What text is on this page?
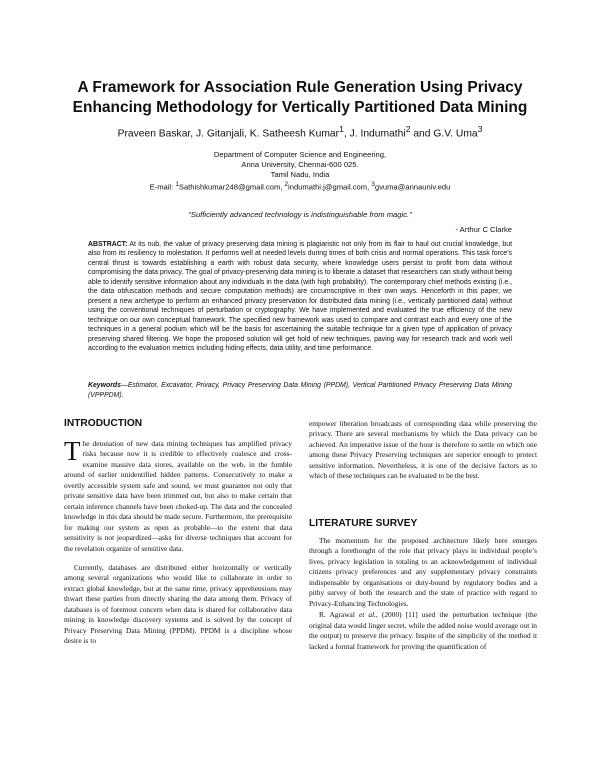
A Framework for Association Rule Generation Using Privacy
Enhancing Methodology for Vertically Partitioned Data Mining
Praveen Baskar, J. Gitanjali, K. Satheesh Kumar$^1$, J. Indumathi$^2$ and G.V. Uma$^3$
Department of Computer Science and Engineering,
Anna University, Chennai-600 025.
Tamil Nadu, India
E-mail: $^1$Sathishkumar248@gmail.com, $^2$indumathi.j@gmail.com, $^3$gvuma@annauniv.edu
“Sufficiently advanced technology is indistinguishable from magic.”
- Arthur C Clarke

ABSTRACT: At its nub, the value of privacy preserving data mining is plagiaristic not only from its flair to haul out crucial knowledge, but also from its resiliency to molestation. It performs well at needed levels during times of both crisis and normal operations. This task force’s central thrust is towards establishing a earth with robust data security, where knowledge users persist to profit from data without compromising the data privacy. The goal of privacy-preserving data mining is to liberate a dataset that researchers can study without being able to identify sensitive information about any individuals in the data (with high probability). The contemporary chief methods existing (i.e., the data obfuscation methods and secure computation methods) are circumscriptive in their own ways. Henceforth in this paper, we present a new archetype to perform an enhanced privacy preservation for distributed data mining (i.e., vertically partitioned data) without using the conventional techniques of perturbation or cryptography. We have implemented and evaluated the true efficiency of the new technique on our own conceptual framework. The specified new framework was used to compare and contrast each and every one of the techniques in a general podium which will be the basis for ascertaining the suitable technique for a given type of application of privacy preserving shared filtering. We hope the proposed solution will get hold of new techniques, paving way for research track and work well according to the evaluation metrics including hiding effects, data utility, and time performance.

Keywords—Estimator, Excavator, Privacy, Privacy Preserving Data Mining (PPDM), Vertical Partitioned Privacy Preserving Data Mining (VPPPDM).

INTRODUCTION

The detonation of new data mining techniques has amplified privacy risks because now it is credible to effectively coalesce and cross-examine massive data stores, available on the web, in the fumble around of earlier unidentified hidden patterns. Consecutively to make a overtly accessible system safe and sound, we must guarantee not only that private sensitive data have been trimmed out, but also to make certain that certain inference channels have been choked-up. The data and the concealed knowledge in this data should be made secure. Furthermore, the prerequisite for making our system as open as probable—to the extent that data sensitivity is not jeopardized—asks for diverse techniques that account for the revelation organize of sensitive data.

Currently, databases are distributed either horizontally or vertically among several organizations who would like to collaborate in order to extract global knowledge, but at the same time, privacy apprehensions may thwart these parties from directly sharing the data among them. Privacy of databases is of foremost concern when data is shared for collaborative data mining in knowledge discovery systems and is solved by the concept of Privacy Preserving Data Mining (PPDM). PPDM is a discipline whose desire is to

empower liberation broadcasts of corresponding data while preserving the privacy. There are several mechanisms by which the Data privacy can be achieved. An imperative issue of the hour is therefore to settle on which one among these Privacy Preserving techniques are superior enough to protect sensitive information. Nevertheless, it is one of the decisive factors as to which of these techniques can be evaluated to be the best.

LITERATURE SURVEY

The momentum for the proposed architecture likely here emerges through a forethought of the role that privacy plays in individual people’s lives, privacy legislation in totaling to an acknowledgement of individual citizens privacy preferences and any supplementary privacy constraints indispensable by organisations or duty-bound by regulatory bodies and a pithy survey of both the research and the state of practice with regard to Privacy-Enhancing Technologies.

R. Agrawal et al., (2000) [11] used the perturbation technique (the original data would linger secret, while the added noise would average out in the output) to preserve the privacy. Inspite of the simplicity of the method it lacked a formal framework for proving the quantification of
